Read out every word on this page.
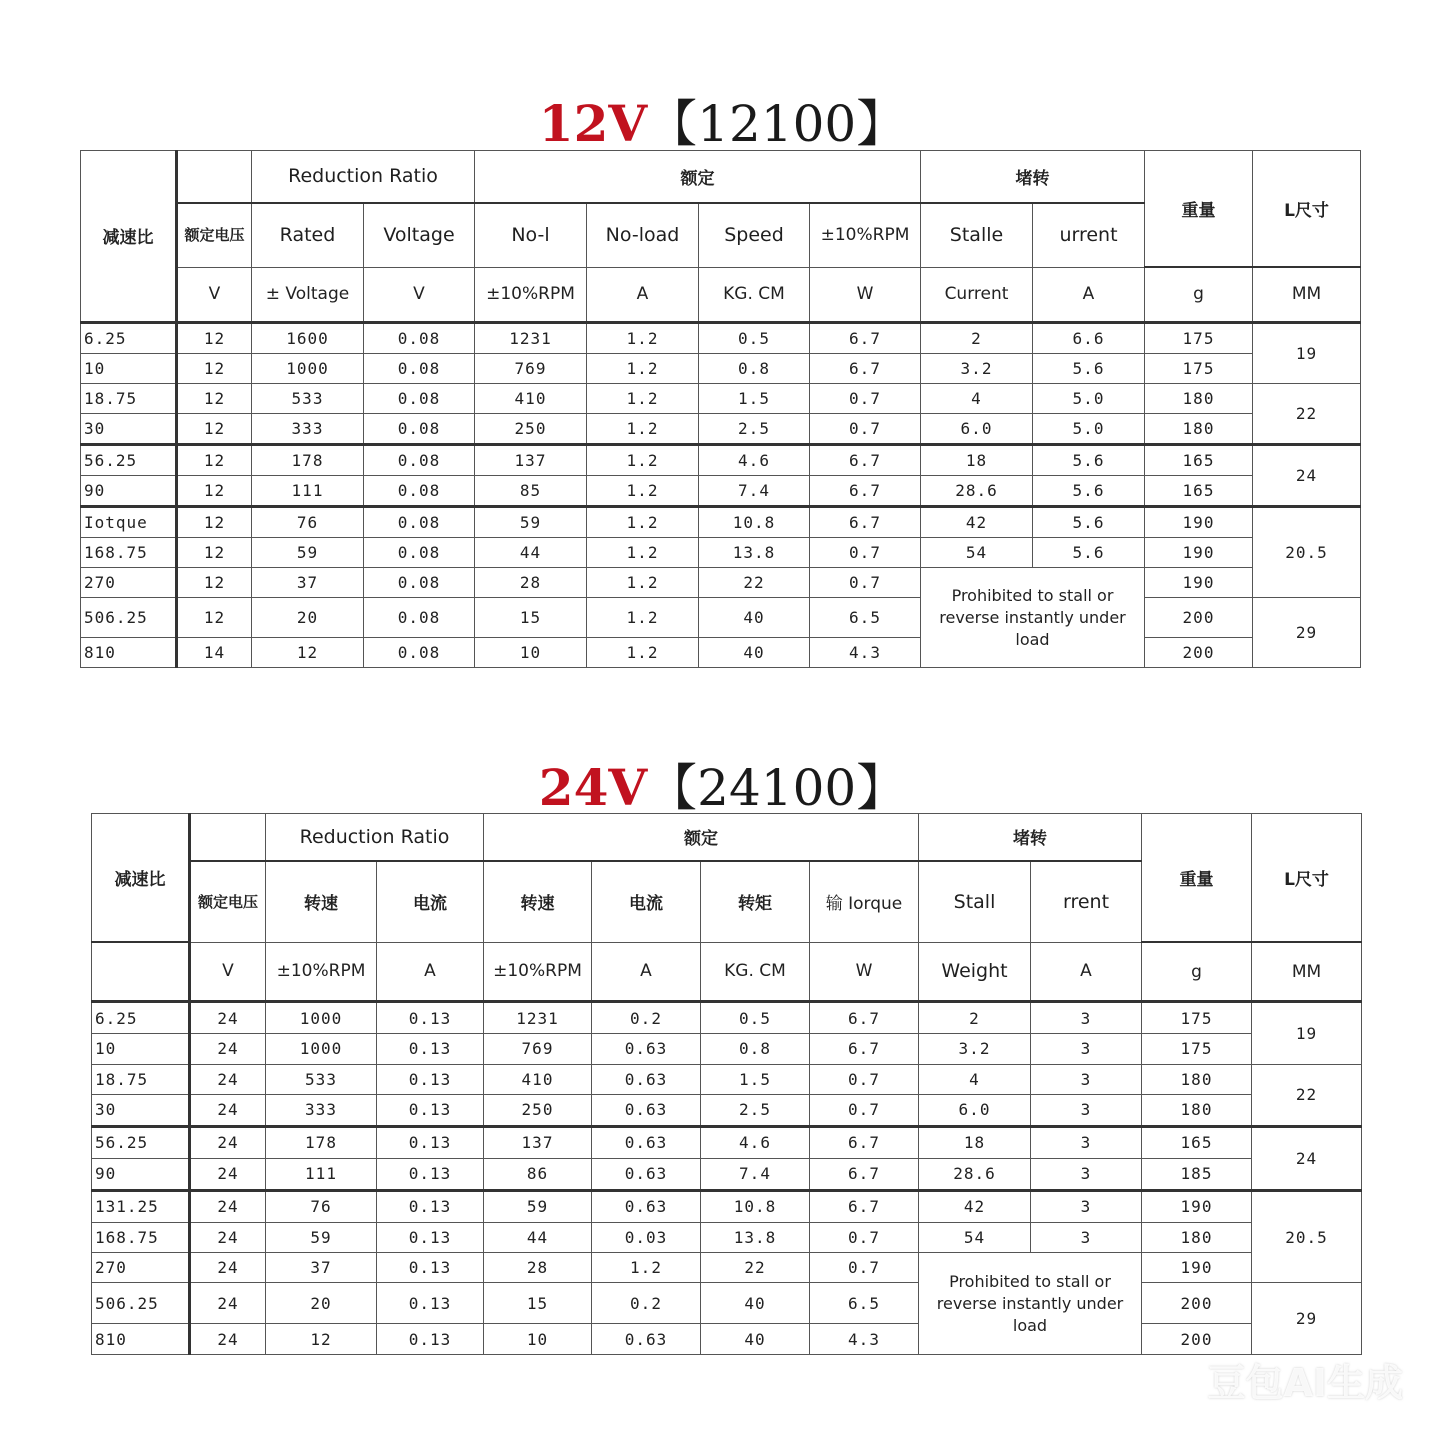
12V【12100】
减速比		Reduction Ratio		额定				堵转		重量	L尺寸
	额定电压	Rated	Voltage	No-l	No-load	Speed	±10%RPM	Stalle	urrent		
	V	± Voltage	V	±10%RPM	A	KG. CM	W	Current	A	g	MM
6.25	12	1600	0.08	1231	1.2	0.5	6.7	2	6.6	175	19
10	12	1000	0.08	769	1.2	0.8	6.7	3.2	5.6	175	
18.75	12	533	0.08	410	1.2	1.5	0.7	4	5.0	180	22
30	12	333	0.08	250	1.2	2.5	0.7	6.0	5.0	180	
56.25	12	178	0.08	137	1.2	4.6	6.7	18	5.6	165	24
90	12	111	0.08	85	1.2	7.4	6.7	28.6	5.6	165	
Iotque	12	76	0.08	59	1.2	10.8	6.7	42	5.6	190	20.5
168.75	12	59	0.08	44	1.2	13.8	0.7	54	5.6	190	
270	12	37	0.08	28	1.2	22	0.7	Prohibited to stall or reverse instantly under load		190	
506.25	12	20	0.08	15	1.2	40	6.5			200	29
810	14	12	0.08	10	1.2	40	4.3			200	
24V【24100】
减速比		Reduction Ratio		额定				堵转		重量	L尺寸
	额定电压	转速	电流	转速	电流	转矩	输 Iorque	Stall	rrent		
	V	±10%RPM	A	±10%RPM	A	KG. CM	W	Weight	A	g	MM
6.25	24	1000	0.13	1231	0.2	0.5	6.7	2	3	175	19
10	24	1000	0.13	769	0.63	0.8	6.7	3.2	3	175	
18.75	24	533	0.13	410	0.63	1.5	0.7	4	3	180	22
30	24	333	0.13	250	0.63	2.5	0.7	6.0	3	180	
56.25	24	178	0.13	137	0.63	4.6	6.7	18	3	165	24
90	24	111	0.13	86	0.63	7.4	6.7	28.6	3	185	
131.25	24	76	0.13	59	0.63	10.8	6.7	42	3	190	20.5
168.75	24	59	0.13	44	0.03	13.8	0.7	54	3	180	
270	24	37	0.13	28	1.2	22	0.7	Prohibited to stall or reverse instantly under load		190	
506.25	24	20	0.13	15	0.2	40	6.5			200	29
810	24	12	0.13	10	0.63	40	4.3			200	
豆包AI生成
